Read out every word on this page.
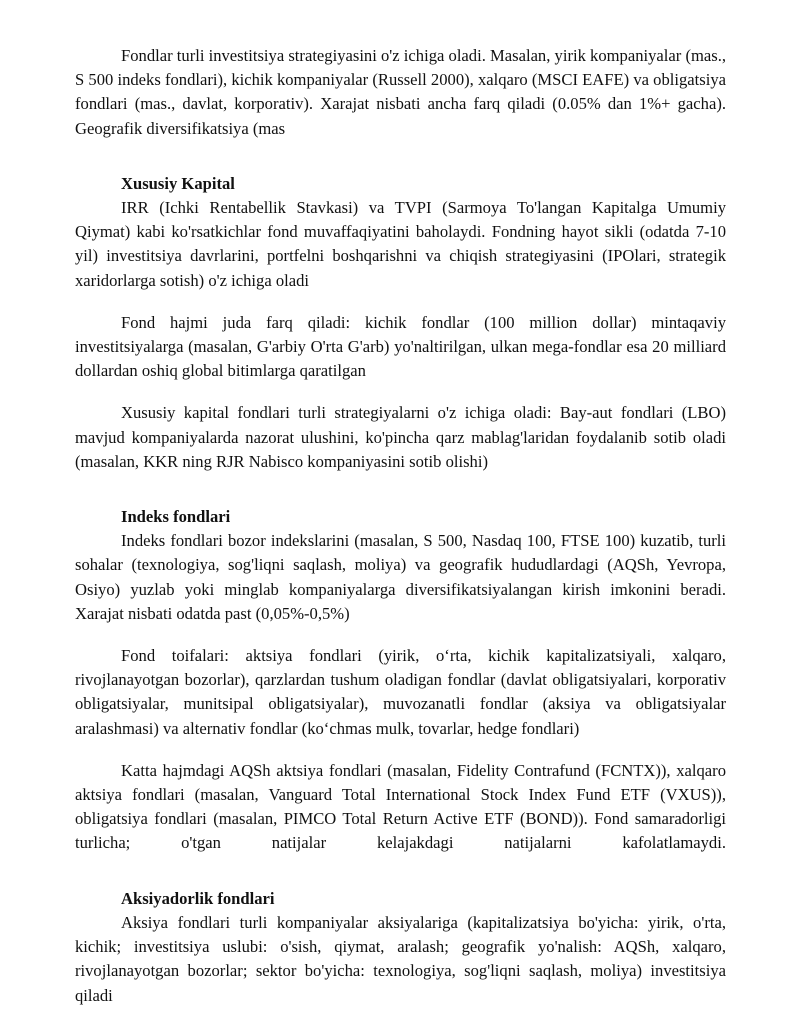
Fondlar turli investitsiya strategiyasini o'z ichiga oladi. Masalan, yirik kompaniyalar (mas., S 500 indeks fondlari), kichik kompaniyalar (Russell 2000), xalqaro (MSCI EAFE) va obligatsiya fondlari (mas., davlat, korporativ). Xarajat nisbati ancha farq qiladi (0.05% dan 1%+ gacha). Geografik diversifikatsiya (mas

Xususiy Kapital

IRR (Ichki Rentabellik Stavkasi) va TVPI (Sarmoya To'langan Kapitalga Umumiy Qiymat) kabi ko'rsatkichlar fond muvaffaqiyatini baholaydi. Fondning hayot sikli (odatda 7-10 yil) investitsiya davrlarini, portfelni boshqarishni va chiqish strategiyasini (IPOlari, strategik xaridorlarga sotish) o'z ichiga oladi

Fond hajmi juda farq qiladi: kichik fondlar (100 million dollar) mintaqaviy investitsiyalarga (masalan, G'arbiy O'rta G'arb) yo'naltirilgan, ulkan mega-fondlar esa 20 milliard dollardan oshiq global bitimlarga qaratilgan

Xususiy kapital fondlari turli strategiyalarni o'z ichiga oladi: Bay-aut fondlari (LBO) mavjud kompaniyalarda nazorat ulushini, ko'pincha qarz mablag'laridan foydalanib sotib oladi (masalan, KKR ning RJR Nabisco kompaniyasini sotib olishi)

Indeks fondlari

Indeks fondlari bozor indekslarini (masalan, S 500, Nasdaq 100, FTSE 100) kuzatib, turli sohalar (texnologiya, sog'liqni saqlash, moliya) va geografik hududlardagi (AQSh, Yevropa, Osiyo) yuzlab yoki minglab kompaniyalarga diversifikatsiyalangan kirish imkonini beradi. Xarajat nisbati odatda past (0,05%-0,5%)

Fond toifalari: aktsiya fondlari (yirik, o‘rta, kichik kapitalizatsiyali, xalqaro, rivojlanayotgan bozorlar), qarzlardan tushum oladigan fondlar (davlat obligatsiyalari, korporativ obligatsiyalar, munitsipal obligatsiyalar), muvozanatli fondlar (aksiya va obligatsiyalar aralashmasi) va alternativ fondlar (ko‘chmas mulk, tovarlar, hedge fondlari)

Katta hajmdagi AQSh aktsiya fondlari (masalan, Fidelity Contrafund (FCNTX)), xalqaro aktsiya fondlari (masalan, Vanguard Total International Stock Index Fund ETF (VXUS)), obligatsiya fondlari (masalan, PIMCO Total Return Active ETF (BOND)). Fond samaradorligi turlicha; o'tgan natijalar kelajakdagi natijalarni kafolatlamaydi.

Aksiyadorlik fondlari

Aksiya fondlari turli kompaniyalar aksiyalariga (kapitalizatsiya bo'yicha: yirik, o'rta, kichik; investitsiya uslubi: o'sish, qiymat, aralash; geografik yo'nalish: AQSh, xalqaro, rivojlanayotgan bozorlar; sektor bo'yicha: texnologiya, sog'liqni saqlash, moliya) investitsiya qiladi
